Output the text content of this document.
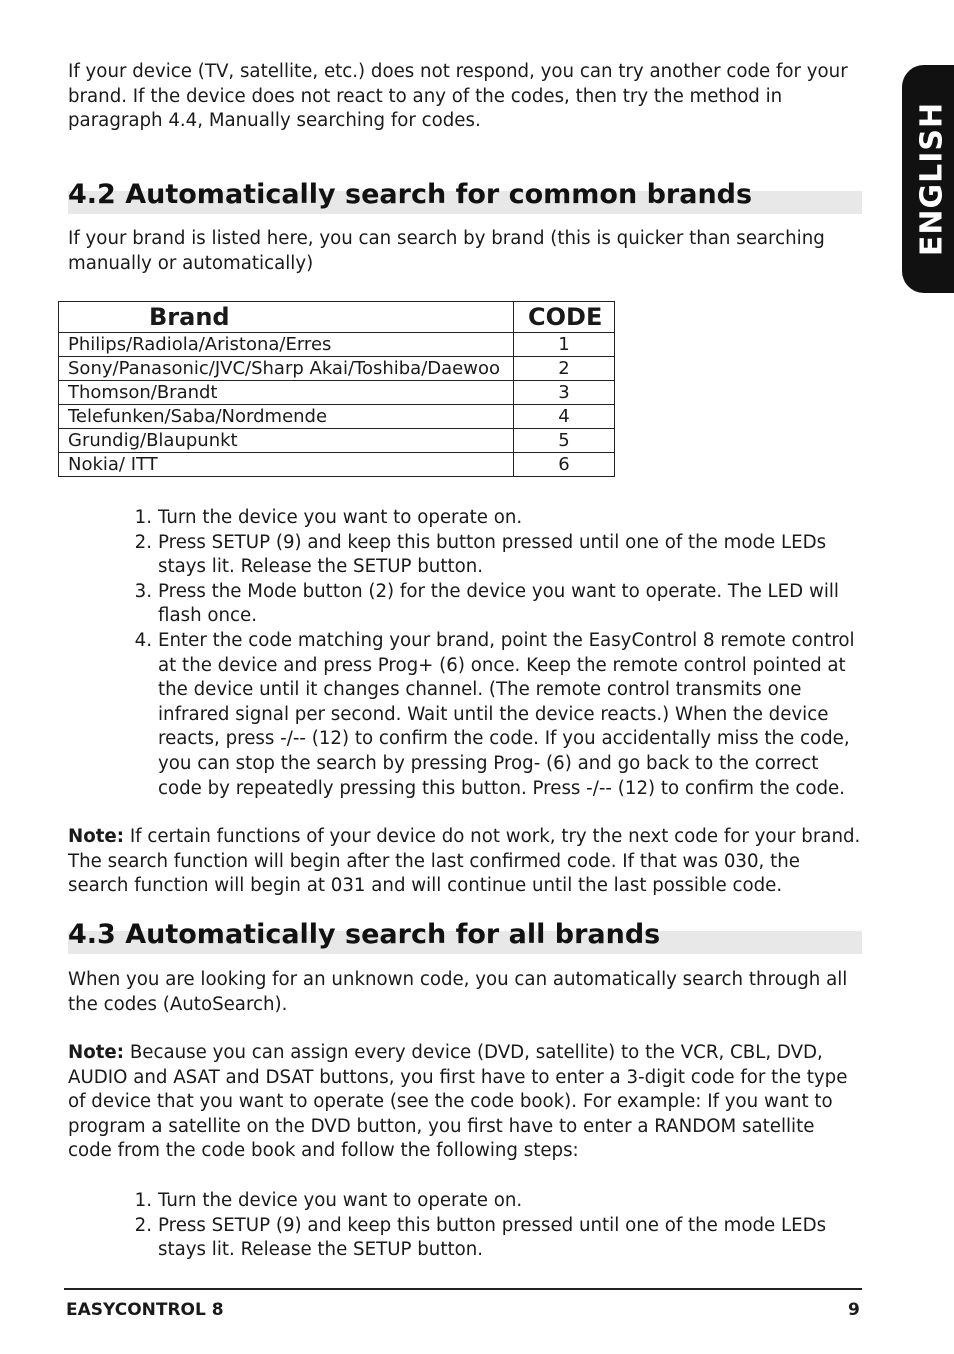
ENGLISH

If your device (TV, satellite, etc.) does not respond, you can try another code for your brand. If the device does not react to any of the codes, then try the method in paragraph 4.4, Manually searching for codes.

4.2 Automatically search for common brands

If your brand is listed here, you can search by brand (this is quicker than searching manually or automatically)

Brand	CODE
Philips/Radiola/Aristona/Erres	1
Sony/Panasonic/JVC/Sharp Akai/Toshiba/Daewoo	2
Thomson/Brandt	3
Telefunken/Saba/Nordmende	4
Grundig/Blaupunkt	5
Nokia/ ITT	6
1. Turn the device you want to operate on.
2. Press SETUP (9) and keep this button pressed until one of the mode LEDs stays lit. Release the SETUP button.
3. Press the Mode button (2) for the device you want to operate. The LED will flash once.
4. Enter the code matching your brand, point the EasyControl 8 remote control at the device and press Prog+ (6) once. Keep the remote control pointed at the device until it changes channel. (The remote control transmits one infrared signal per second. Wait until the device reacts.) When the device reacts, press -/-- (12) to confirm the code. If you accidentally miss the code, you can stop the search by pressing Prog- (6) and go back to the correct code by repeatedly pressing this button. Press -/-- (12) to confirm the code.

Note: If certain functions of your device do not work, try the next code for your brand. The search function will begin after the last confirmed code. If that was 030, the search function will begin at 031 and will continue until the last possible code.

4.3 Automatically search for all brands

When you are looking for an unknown code, you can automatically search through all the codes (AutoSearch).

Note: Because you can assign every device (DVD, satellite) to the VCR, CBL, DVD, AUDIO and ASAT and DSAT buttons, you first have to enter a 3-digit code for the type of device that you want to operate (see the code book). For example: If you want to program a satellite on the DVD button, you first have to enter a RANDOM satellite code from the code book and follow the following steps:

1. Turn the device you want to operate on.
2. Press SETUP (9) and keep this button pressed until one of the mode LEDs stays lit. Release the SETUP button.
EASYCONTROL 8	9
